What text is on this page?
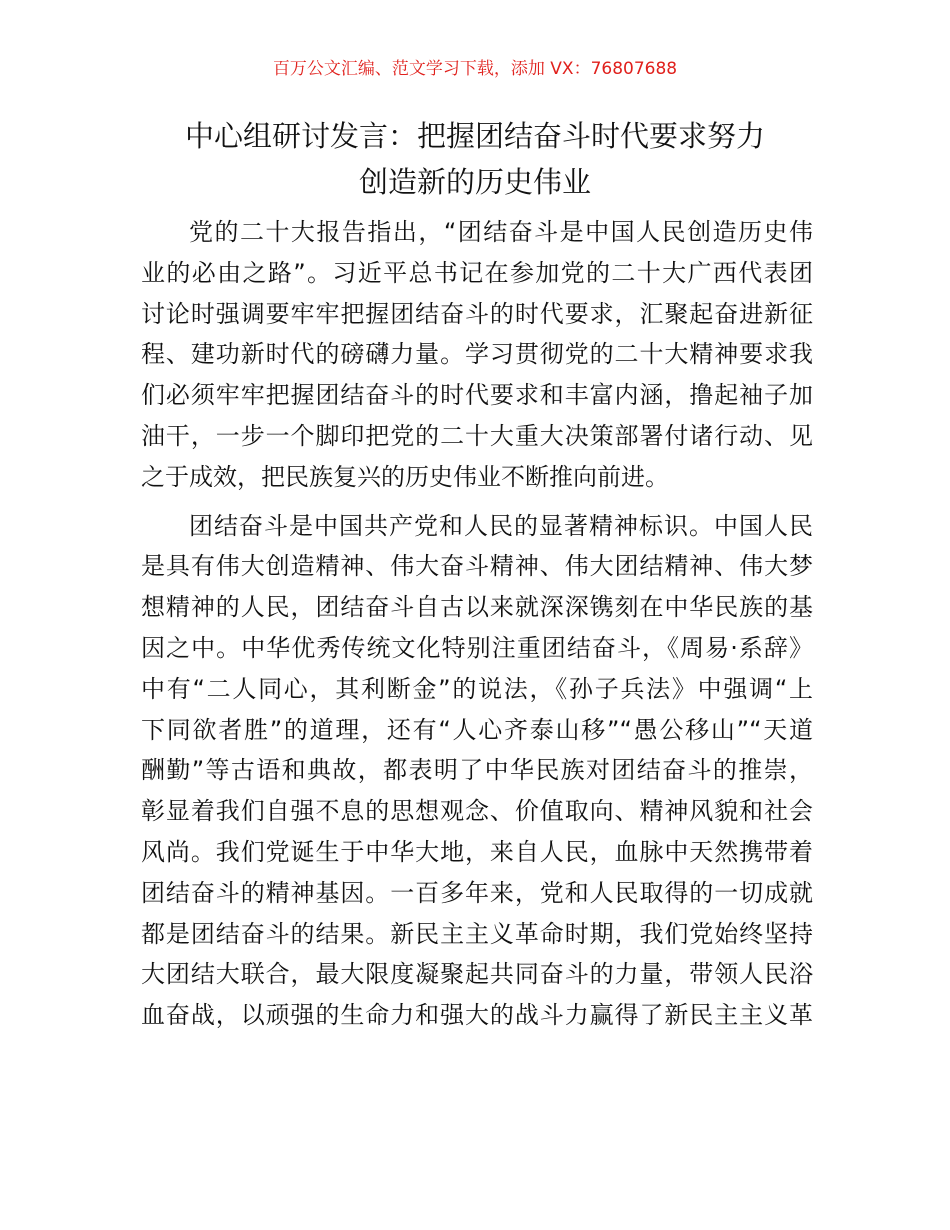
百万公文汇编、范文学习下载，添加 VX：76807688
中心组研讨发言：把握团结奋斗时代要求努力
创造新的历史伟业
党的二十大报告指出，“团结奋斗是中国人民创造历史伟
业的必由之路”。习近平总书记在参加党的二十大广西代表团
讨论时强调要牢牢把握团结奋斗的时代要求，汇聚起奋进新征
程、建功新时代的磅礴力量。学习贯彻党的二十大精神要求我
们必须牢牢把握团结奋斗的时代要求和丰富内涵，撸起袖子加
油干，一步一个脚印把党的二十大重大决策部署付诸行动、见
之于成效，把民族复兴的历史伟业不断推向前进。
团结奋斗是中国共产党和人民的显著精神标识。中国人民
是具有伟大创造精神、伟大奋斗精神、伟大团结精神、伟大梦
想精神的人民，团结奋斗自古以来就深深镌刻在中华民族的基
因之中。中华优秀传统文化特别注重团结奋斗，《周易·系辞》
中有“二人同心，其利断金”的说法，《孙子兵法》中强调“上
下同欲者胜”的道理，还有“人心齐泰山移”“愚公移山”“天道
酬勤”等古语和典故，都表明了中华民族对团结奋斗的推崇，
彰显着我们自强不息的思想观念、价值取向、精神风貌和社会
风尚。我们党诞生于中华大地，来自人民，血脉中天然携带着
团结奋斗的精神基因。一百多年来，党和人民取得的一切成就
都是团结奋斗的结果。新民主主义革命时期，我们党始终坚持
大团结大联合，最大限度凝聚起共同奋斗的力量，带领人民浴
血奋战，以顽强的生命力和强大的战斗力赢得了新民主主义革
